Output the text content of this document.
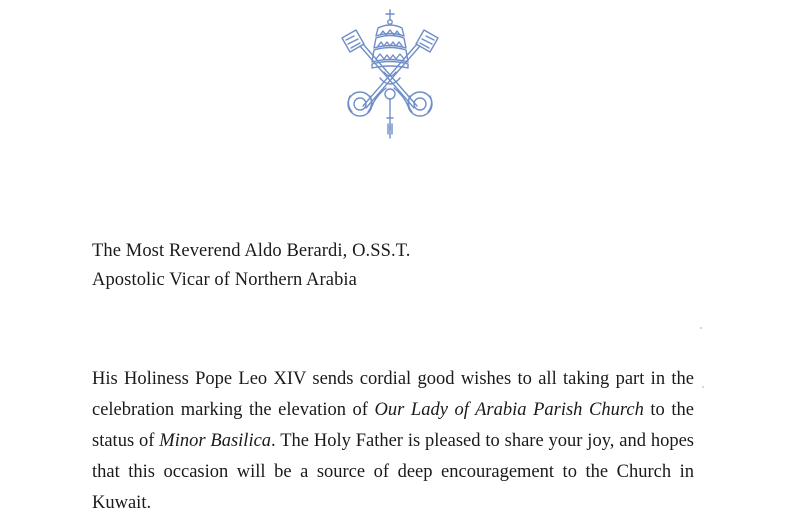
The Most Reverend Aldo Berardi, O.SS.T.
Apostolic Vicar of Northern Arabia
His Holiness Pope Leo XIV sends cordial good wishes to all taking part in the celebration marking the elevation of Our Lady of Arabia Parish Church to the status of Minor Basilica. The Holy Father is pleased to share your joy, and hopes that this occasion will be a source of deep encouragement to the Church in Kuwait.
